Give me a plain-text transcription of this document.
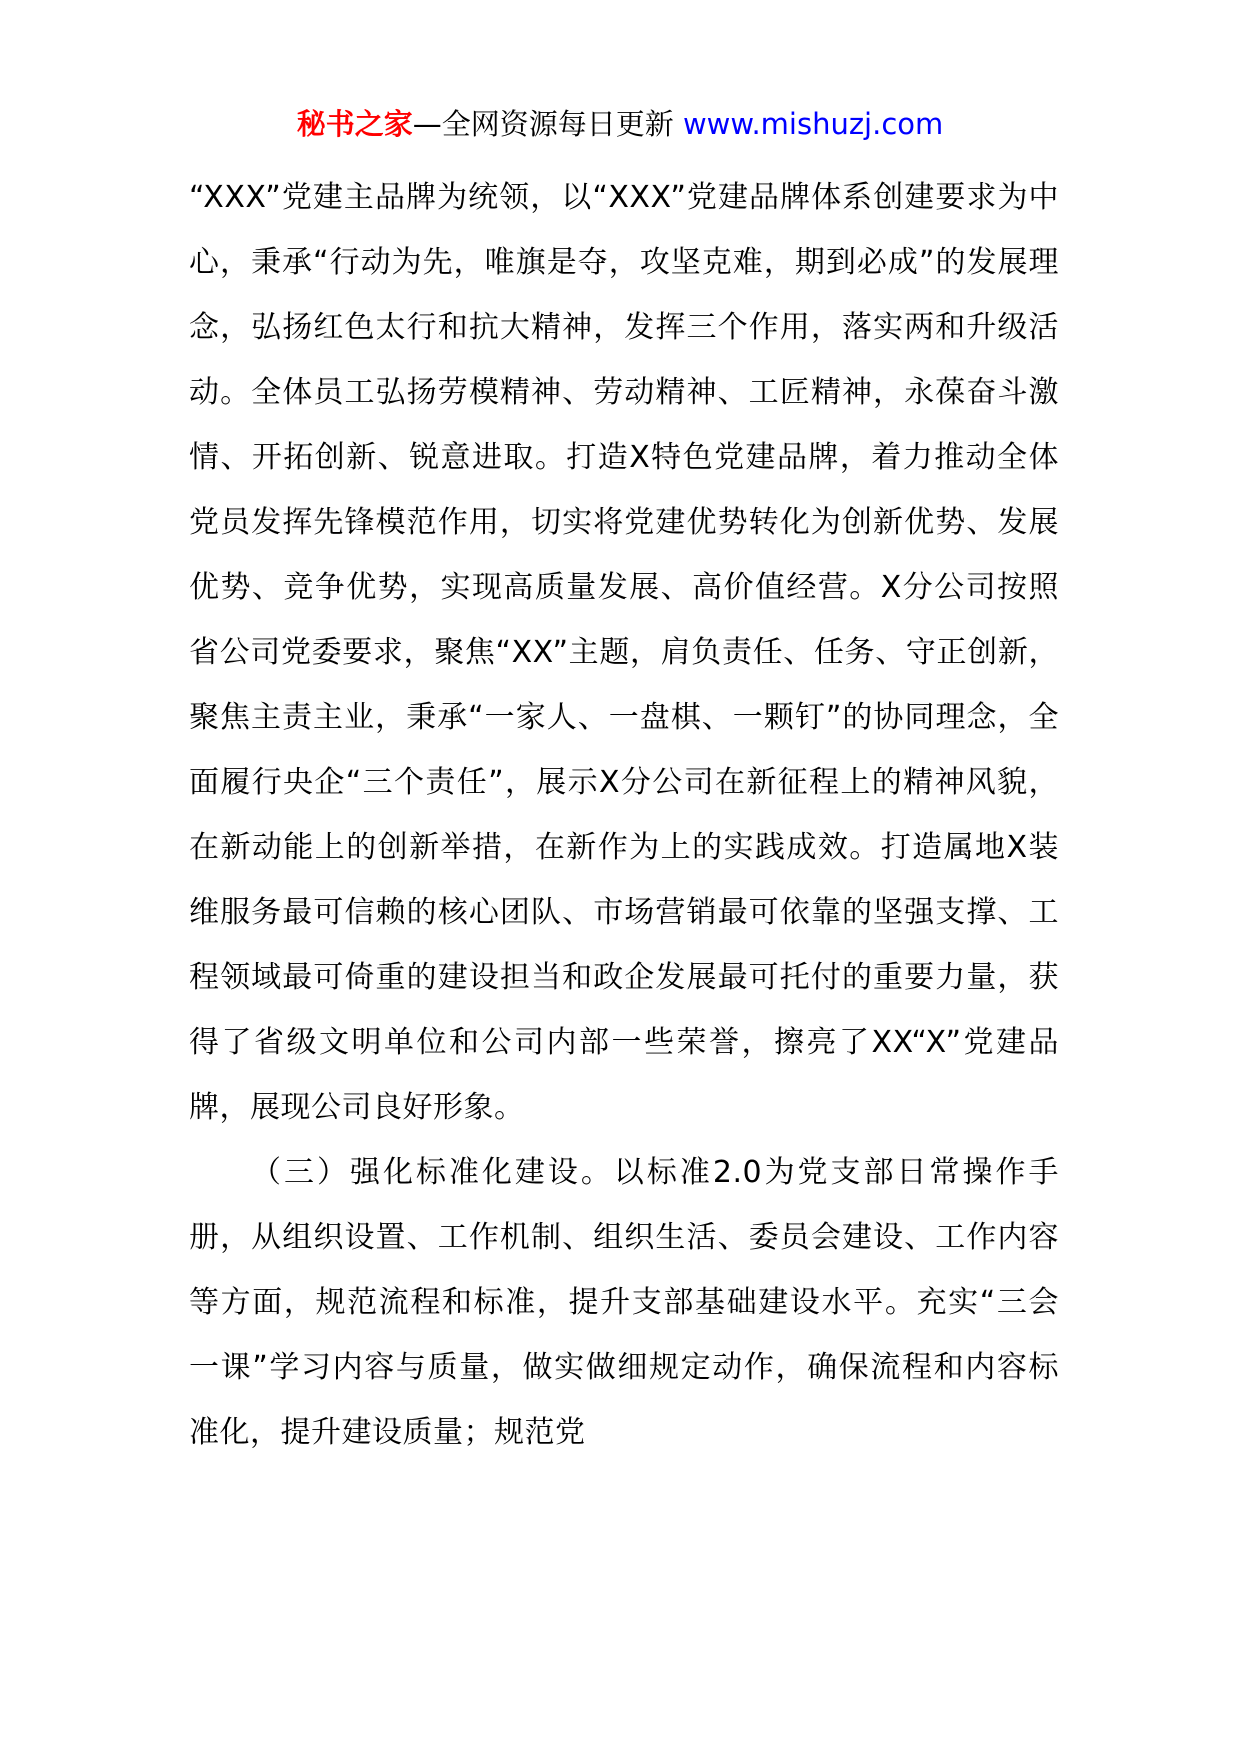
秘书之家—全网资源每日更新 www.mishuzj.com

“XXX”党建主品牌为统领，以“XXX”党建品牌体系创建要求为中心，秉承“行动为先，唯旗是夺，攻坚克难，期到必成”的发展理念，弘扬红色太行和抗大精神，发挥三个作用，落实两和升级活动。全体员工弘扬劳模精神、劳动精神、工匠精神，永葆奋斗激情、开拓创新、锐意进取。打造X特色党建品牌，着力推动全体党员发挥先锋模范作用，切实将党建优势转化为创新优势、发展优势、竞争优势，实现高质量发展、高价值经营。X分公司按照省公司党委要求，聚焦“XX”主题，肩负责任、任务、守正创新，聚焦主责主业，秉承“一家人、一盘棋、一颗钉”的协同理念，全面履行央企“三个责任”，展示X分公司在新征程上的精神风貌，在新动能上的创新举措，在新作为上的实践成效。打造属地X装维服务最可信赖的核心团队、市场营销最可依靠的坚强支撑、工程领域最可倚重的建设担当和政企发展最可托付的重要力量，获得了省级文明单位和公司内部一些荣誉，擦亮了XX“X”党建品牌，展现公司良好形象。

（三）强化标准化建设。以标准2.0为党支部日常操作手册，从组织设置、工作机制、组织生活、委员会建设、工作内容等方面，规范流程和标准，提升支部基础建设水平。充实“三会一课”学习内容与质量，做实做细规定动作，确保流程和内容标准化，提升建设质量；规范党
